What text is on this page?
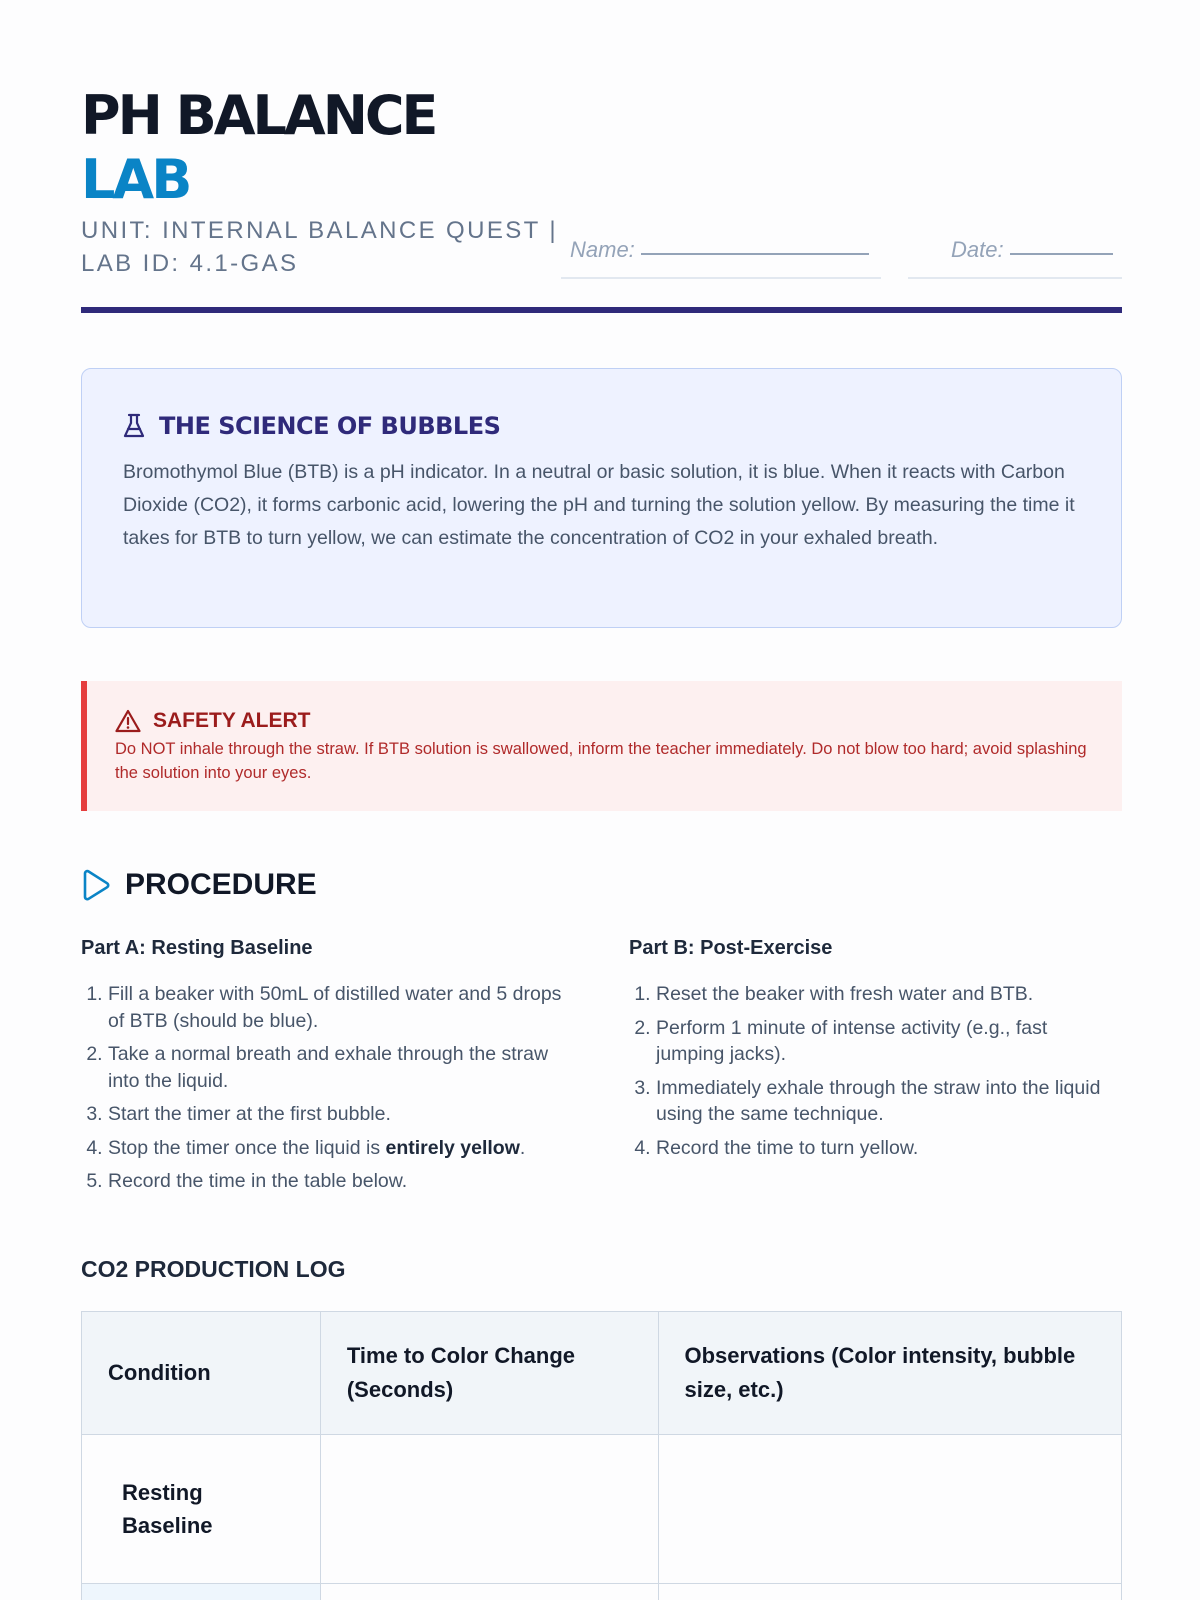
PH BALANCE
LAB
UNIT: INTERNAL BALANCE QUEST |
LAB ID: 4.1-GAS
Name:	Date:
THE SCIENCE OF BUBBLES

Bromothymol Blue (BTB) is a pH indicator. In a neutral or basic solution, it is blue. When it reacts with Carbon Dioxide (CO2), it forms carbonic acid, lowering the pH and turning the solution yellow. By measuring the time it takes for BTB to turn yellow, we can estimate the concentration of CO2 in your exhaled breath.

SAFETY ALERT

Do NOT inhale through the straw. If BTB solution is swallowed, inform the teacher immediately. Do not blow too hard; avoid splashing the solution into your eyes.

PROCEDURE
Part A: Resting Baseline
1. Fill a beaker with 50mL of distilled water and 5 drops of BTB (should be blue).
2. Take a normal breath and exhale through the straw into the liquid.
3. Start the timer at the first bubble.
4. Stop the timer once the liquid is entirely yellow.
5. Record the time in the table below.
Part B: Post-Exercise
1. Reset the beaker with fresh water and BTB.
2. Perform 1 minute of intense activity (e.g., fast jumping jacks).
3. Immediately exhale through the straw into the liquid using the same technique.
4. Record the time to turn yellow.
CO2 PRODUCTION LOG
Condition	Time to Color Change (Seconds)	Observations (Color intensity, bubble size, etc.)
Resting Baseline		
